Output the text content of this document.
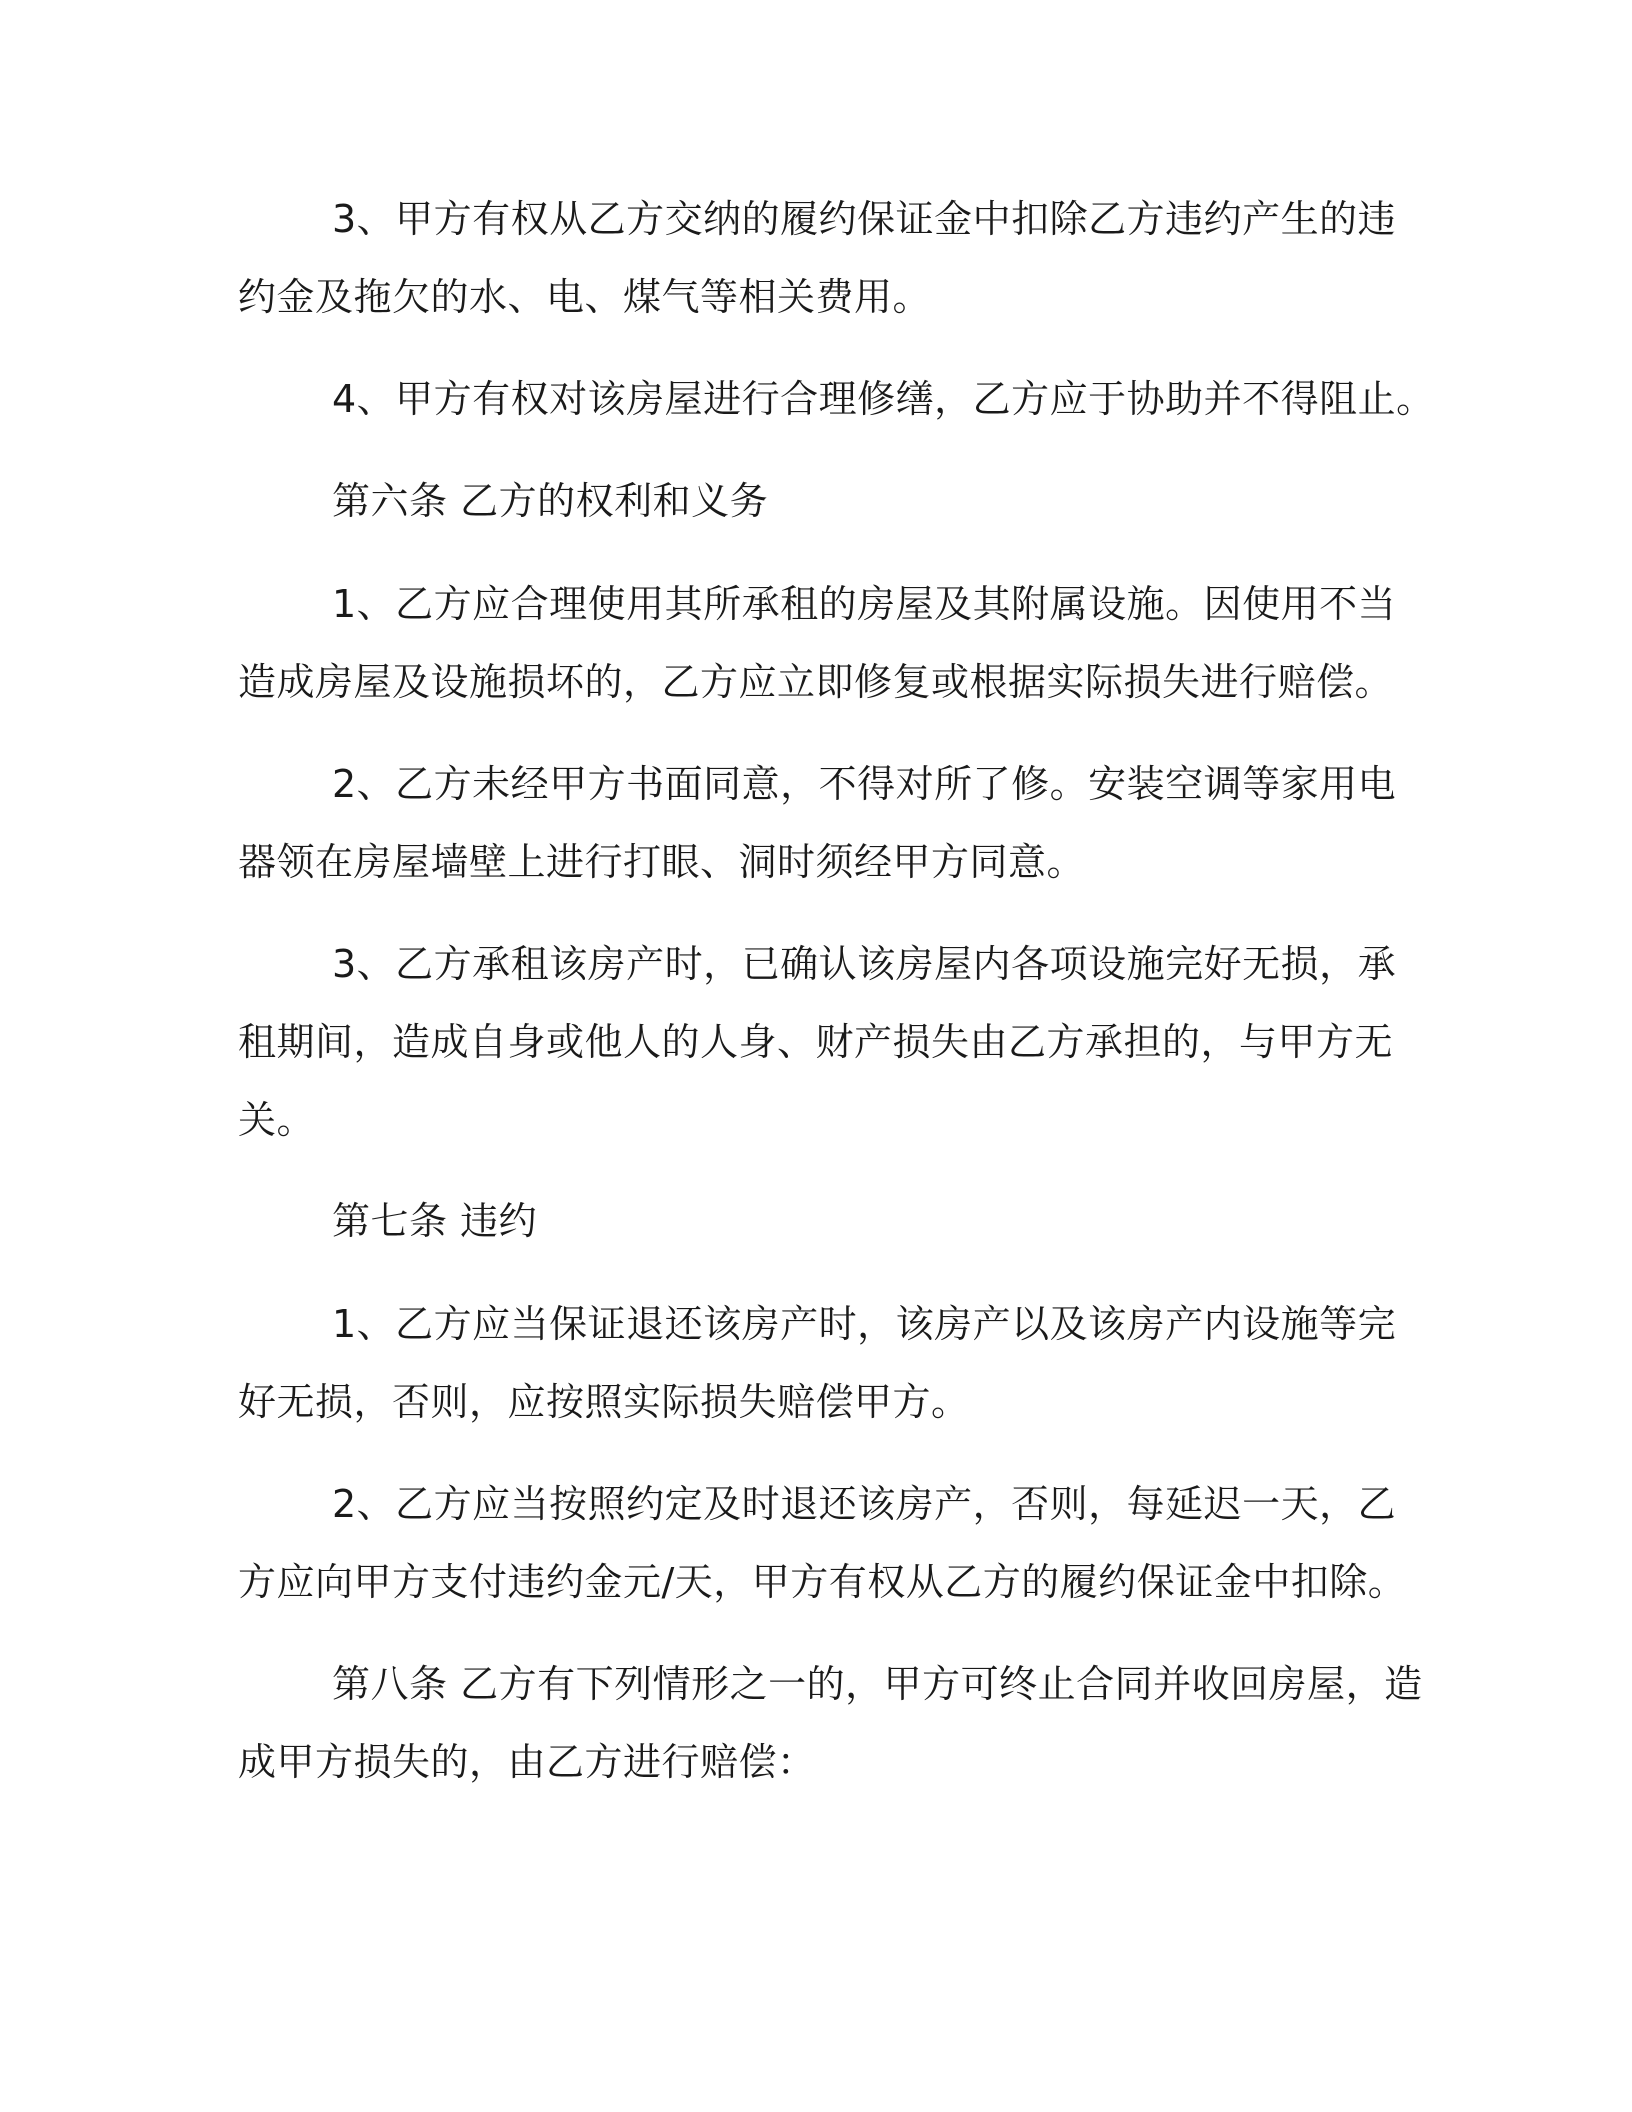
3、甲方有权从乙方交纳的履约保证金中扣除乙方违约产生的违
约金及拖欠的水、电、煤气等相关费用。
4、甲方有权对该房屋进行合理修缮，乙方应于协助并不得阻止。
第六条 乙方的权利和义务
1、乙方应合理使用其所承租的房屋及其附属设施。因使用不当
造成房屋及设施损坏的，乙方应立即修复或根据实际损失进行赔偿。
2、乙方未经甲方书面同意，不得对所了修。安装空调等家用电
器领在房屋墙壁上进行打眼、洞时须经甲方同意。
3、乙方承租该房产时，已确认该房屋内各项设施完好无损，承
租期间，造成自身或他人的人身、财产损失由乙方承担的，与甲方无
关。
第七条 违约
1、乙方应当保证退还该房产时，该房产以及该房产内设施等完
好无损，否则，应按照实际损失赔偿甲方。
2、乙方应当按照约定及时退还该房产，否则，每延迟一天，乙
方应向甲方支付违约金元/天，甲方有权从乙方的履约保证金中扣除。
第八条 乙方有下列情形之一的，甲方可终止合同并收回房屋，造
成甲方损失的，由乙方进行赔偿：
